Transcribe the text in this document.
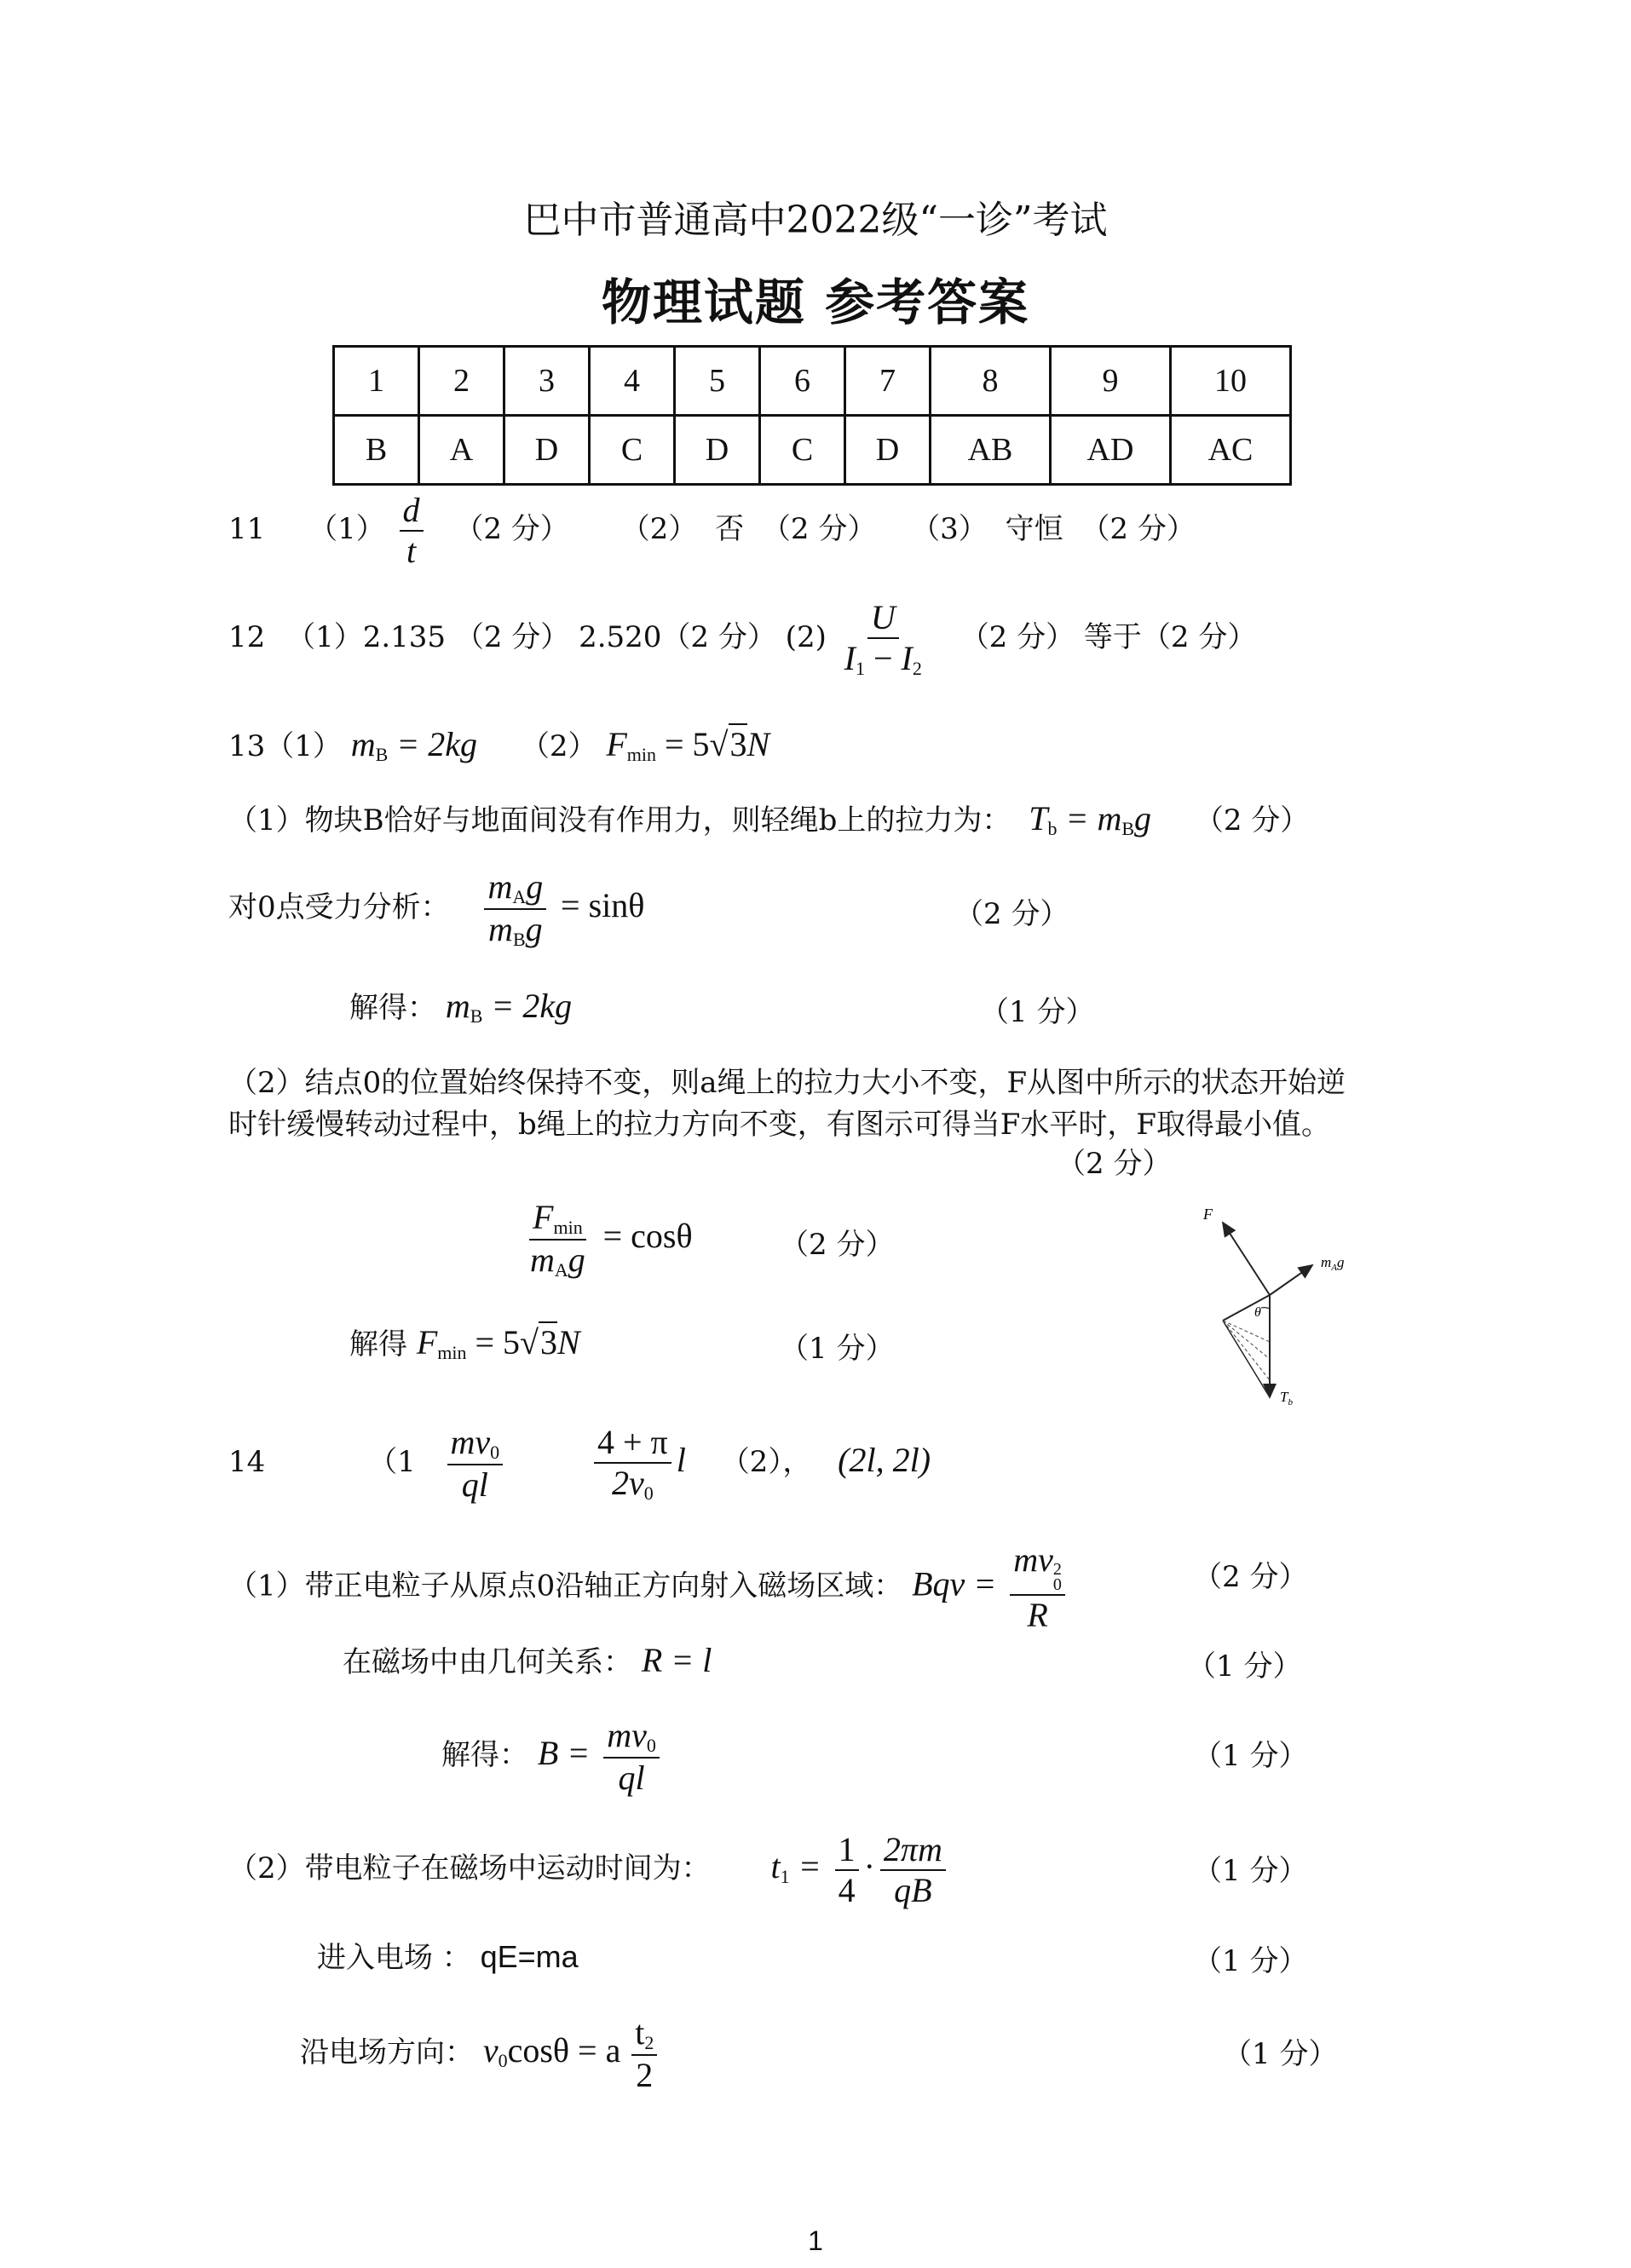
巴中市普通高中2022级“一诊”考试
物理试题 参考答案
1	2	3	4	5	6	7	8	9	10
B	A	D	C	D	C	D	AB	AD	AC
11 $(1) \frac{d}{t} (2$ 分） （2） 否 （2 分） （3） 守恒 （2 分）
12 （1）2.135 （2 分） 2.520（2 分） $(2) \frac{U}{I_1 - I_2} (2$ 分） 等于（2 分）
13（1） $m_B = 2kg$ （2） $F_{min} = 5√3N$
（1）物块B恰好与地面间没有作用力，则轻绳b上的拉力为： $T_b = m_Bg$ （2 分）
对0点受力分析： $\frac{m_Ag}{m_Bg} = \sin\theta$	（2 分）
解得： $m_B = 2kg$	（1 分）
（2）结点0的位置始终保持不变，则a绳上的拉力大小不变，F从图中所示的状态开始逆
时针缓慢转动过程中，b绳上的拉力方向不变，有图示可得当F水平时，F取得最小值。
（2 分）
$\frac{F_{min}}{m_Ag} = \cos\theta$	（2 分）
解得 $F_{min} = 5√3N$	（1 分）
F
$m_Ag$
θ
$T_b$
14	（$1 \frac{mv_0}{ql}$
	$\frac{4 + \pi}{2v_0}$ l （2）， (2l, 2l)
（1）带正电粒子从原点0沿轴正方向射入磁场区域： Bqv = mv 2
0
R	（2 分）
在磁场中由几何关系： R = l	（1 分）
解得： $B = \frac{mv_0}{ql}$	（1 分）
（2）带电粒子在磁场中运动时间为： $t_1 = \frac{1}{4} \cdot \frac{2\pi m}{qB}$	（1 分）
进入电场 ： qE=ma	（1 分）
沿电场方向： $v_0\cos\theta = a \frac{t_2}{2}$	（1 分）
1
